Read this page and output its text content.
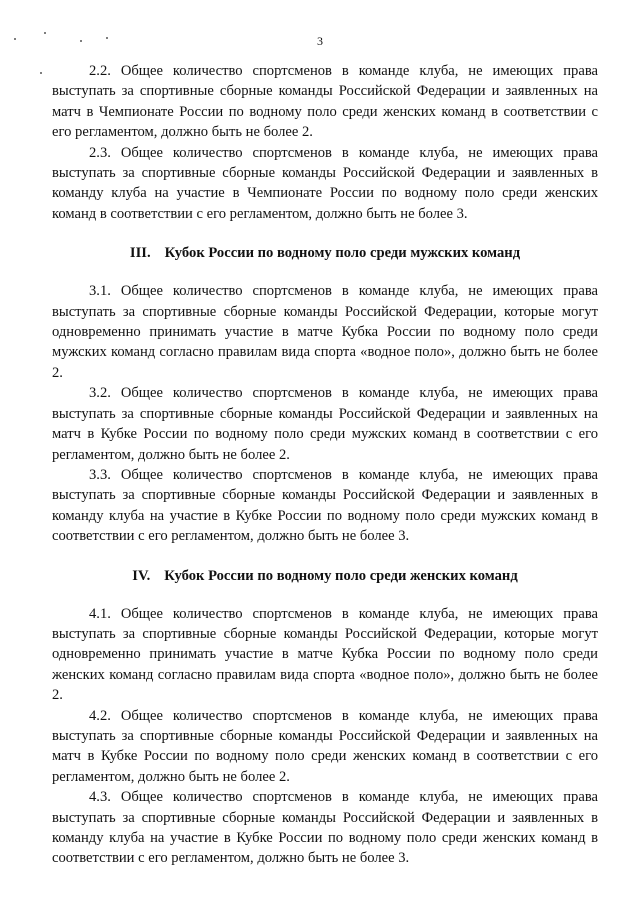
3

2.2. Общее количество спортсменов в команде клуба, не имеющих права выступать за спортивные сборные команды Российской Федерации и заявленных на матч в Чемпионате России по водному поло среди женских команд в соответствии с его регламентом, должно быть не более 2.

2.3. Общее количество спортсменов в команде клуба, не имеющих права выступать за спортивные сборные команды Российской Федерации и заявленных в команду клуба на участие в Чемпионате России по водному поло среди женских команд в соответствии с его регламентом, должно быть не более 3.

III. Кубок России по водному поло среди мужских команд

3.1. Общее количество спортсменов в команде клуба, не имеющих права выступать за спортивные сборные команды Российской Федерации, которые могут одновременно принимать участие в матче Кубка России по водному поло среди мужских команд согласно правилам вида спорта «водное поло», должно быть не более 2.

3.2. Общее количество спортсменов в команде клуба, не имеющих права выступать за спортивные сборные команды Российской Федерации и заявленных на матч в Кубке России по водному поло среди мужских команд в соответствии с его регламентом, должно быть не более 2.

3.3. Общее количество спортсменов в команде клуба, не имеющих права выступать за спортивные сборные команды Российской Федерации и заявленных в команду клуба на участие в Кубке России по водному поло среди мужских команд в соответствии с его регламентом, должно быть не более 3.

IV. Кубок России по водному поло среди женских команд

4.1. Общее количество спортсменов в команде клуба, не имеющих права выступать за спортивные сборные команды Российской Федерации, которые могут одновременно принимать участие в матче Кубка России по водному поло среди женских команд согласно правилам вида спорта «водное поло», должно быть не более 2.

4.2. Общее количество спортсменов в команде клуба, не имеющих права выступать за спортивные сборные команды Российской Федерации и заявленных на матч в Кубке России по водному поло среди женских команд в соответствии с его регламентом, должно быть не более 2.

4.3. Общее количество спортсменов в команде клуба, не имеющих права выступать за спортивные сборные команды Российской Федерации и заявленных в команду клуба на участие в Кубке России по водному поло среди женских команд в соответствии с его регламентом, должно быть не более 3.
